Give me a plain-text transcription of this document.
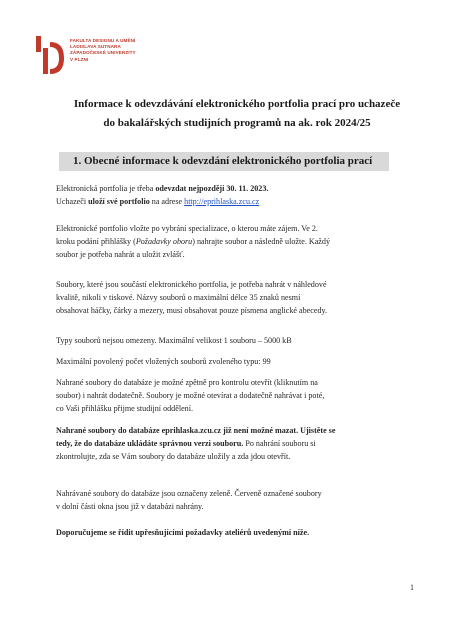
FAKULTA DESIGNU A UMĚNÍ
LADISLAVA SUTNARA
ZÁPADOČESKÉ UNIVERZITY
V PLZNI
Informace k odevzdávání elektronického portfolia prací pro uchazeče
do bakalářských studijních programů na ak. rok 2024/25
1. Obecné informace k odevzdání elektronického portfolia prací
Elektronická portfolia je třeba odevzdat nejpozději 30. 11. 2023.
Uchazeči uloží své portfolio na adrese http://eprihlaska.zcu.cz
Elektronické portfolio vložte po vybrání specializace, o kterou máte zájem. Ve 2.
kroku podání přihlášky (Požadavky oboru) nahrajte soubor a následně uložte. Každý
soubor je potřeba nahrát a uložit zvlášť.
Soubory, které jsou součástí elektronického portfolia, je potřeba nahrát v náhledové
kvalitě, nikoli v tiskové. Názvy souborů o maximální délce 35 znaků nesmí
obsahovat háčky, čárky a mezery, musí obsahovat pouze písmena anglické abecedy.
Typy souborů nejsou omezeny. Maximální velikost 1 souboru – 5000 kB
Maximální povolený počet vložených souborů zvoleného typu: 99
Nahrané soubory do databáze je možné zpětně pro kontrolu otevřít (kliknutím na
soubor) i nahrát dodatečně. Soubory je možné otevírat a dodatečně nahrávat i poté,
co Vaši přihlášku přijme studijní oddělení.
Nahrané soubory do databáze eprihlaska.zcu.cz již není možné mazat. Ujistěte se
tedy, že do databáze ukládáte správnou verzi souboru. Po nahrání souboru si
zkontrolujte, zda se Vám soubory do databáze uložily a zda jdou otevřít.
Nahrávané soubory do databáze jsou označeny zeleně. Červeně označené soubory
v dolní části okna jsou již v databázi nahrány.
Doporučujeme se řídit upřesňujícími požadavky ateliérů uvedenými níže.
1
